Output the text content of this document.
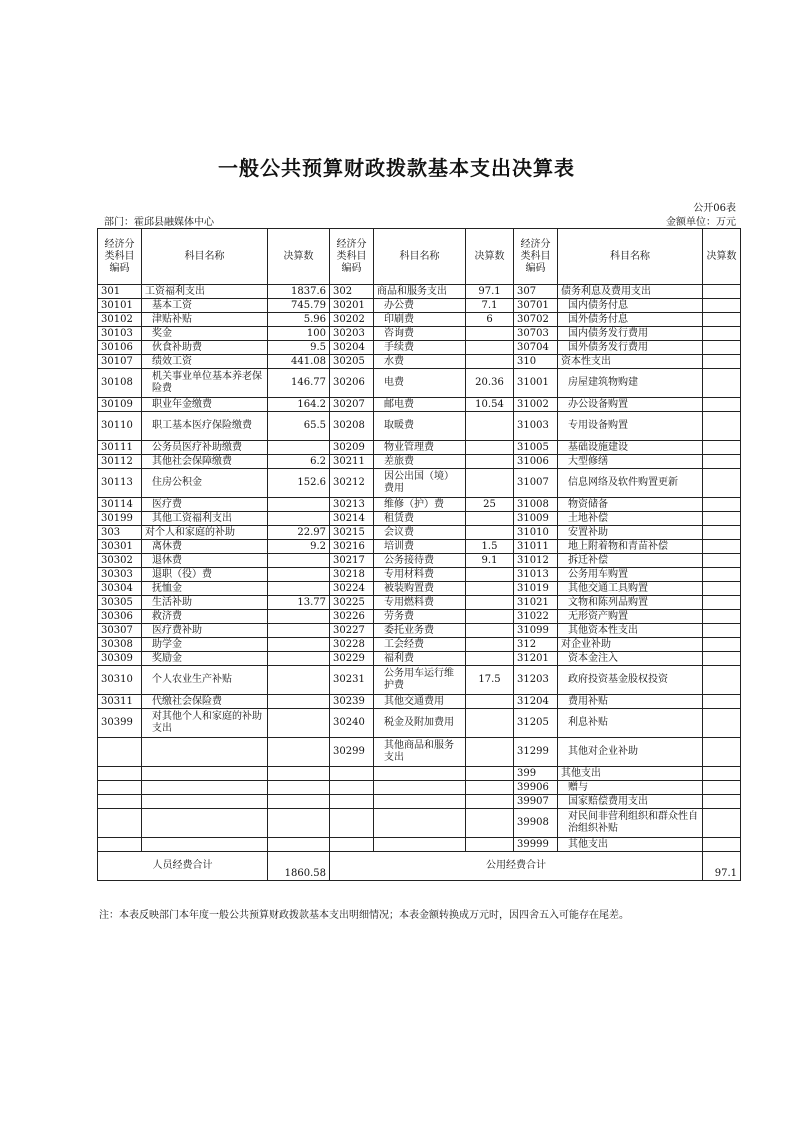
一般公共预算财政拨款基本支出决算表
公开06表
部门：霍邱县融媒体中心	金额单位：万元
经济分类科目编码	科目名称	决算数	经济分类科目编码	科目名称	决算数	经济分类科目编码	科目名称	决算数
301	工资福利支出	1837.6	302	商品和服务支出	97.1	307	债务利息及费用支出	
30101	基本工资	745.79	30201	办公费	7.1	30701	国内债务付息	
30102	津贴补贴	5.96	30202	印刷费	6	30702	国外债务付息	
30103	奖金	100	30203	咨询费		30703	国内债务发行费用	
30106	伙食补助费	9.5	30204	手续费		30704	国外债务发行费用	
30107	绩效工资	441.08	30205	水费		310	资本性支出	
30108	机关事业单位基本养老保险费	146.77	30206	电费	20.36	31001	房屋建筑物购建	
30109	职业年金缴费	164.2	30207	邮电费	10.54	31002	办公设备购置	
30110	职工基本医疗保险缴费	65.5	30208	取暖费		31003	专用设备购置	
30111	公务员医疗补助缴费		30209	物业管理费		31005	基础设施建设	
30112	其他社会保障缴费	6.2	30211	差旅费		31006	大型修缮	
30113	住房公积金	152.6	30212	因公出国（境）费用		31007	信息网络及软件购置更新	
30114	医疗费		30213	维修（护）费	25	31008	物资储备	
30199	其他工资福利支出		30214	租赁费		31009	土地补偿	
303	对个人和家庭的补助	22.97	30215	会议费		31010	安置补助	
30301	离休费	9.2	30216	培训费	1.5	31011	地上附着物和青苗补偿	
30302	退休费		30217	公务接待费	9.1	31012	拆迁补偿	
30303	退职（役）费		30218	专用材料费		31013	公务用车购置	
30304	抚恤金		30224	被装购置费		31019	其他交通工具购置	
30305	生活补助	13.77	30225	专用燃料费		31021	文物和陈列品购置	
30306	救济费		30226	劳务费		31022	无形资产购置	
30307	医疗费补助		30227	委托业务费		31099	其他资本性支出	
30308	助学金		30228	工会经费		312	对企业补助	
30309	奖励金		30229	福利费		31201	资本金注入	
30310	个人农业生产补贴		30231	公务用车运行维护费	17.5	31203	政府投资基金股权投资	
30311	代缴社会保险费		30239	其他交通费用		31204	费用补贴	
30399	对其他个人和家庭的补助支出		30240	税金及附加费用		31205	利息补贴	
			30299	其他商品和服务支出		31299	其他对企业补助	
						399	其他支出	
						39906	赠与	
						39907	国家赔偿费用支出	
						39908	对民间非营利组织和群众性自治组织补贴	
						39999	其他支出	
人员经费合计		1860.58	公用经费合计					97.1
注：本表反映部门本年度一般公共预算财政拨款基本支出明细情况；本表金额转换成万元时，因四舍五入可能存在尾差。
